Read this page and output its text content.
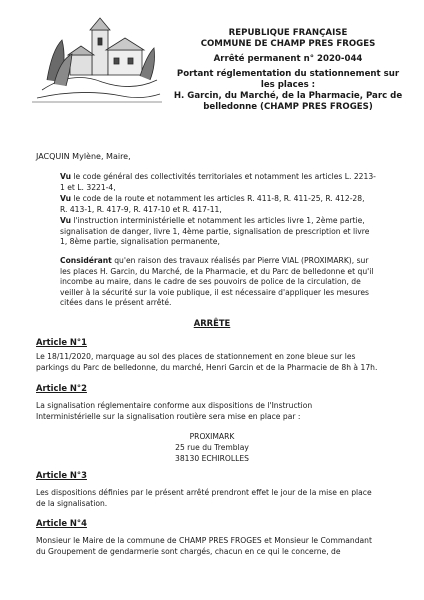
REPUBLIQUE FRANÇAISE
COMMUNE DE CHAMP PRES FROGES
Arrêté permanent n° 2020-044
Portant réglementation du stationnement sur
les places :
H. Garcin, du Marché, de la Pharmacie, Parc de
belledonne (CHAMP PRES FROGES)
JACQUIN Mylène, Maire,
Vu le code général des collectivités territoriales et notamment les articles L. 2213-
1 et L. 3221-4,
Vu le code de la route et notamment les articles R. 411-8, R. 411-25, R. 412-28,
R. 413-1, R. 417-9, R. 417-10 et R. 417-11,
Vu l'instruction interministérielle et notamment les articles livre 1, 2ème partie,
signalisation de danger, livre 1, 4ème partie, signalisation de prescription et livre
1, 8ème partie, signalisation permanente,
Considérant qu'en raison des travaux réalisés par Pierre VIAL (PROXIMARK), sur
les places H. Garcin, du Marché, de la Pharmacie, et du Parc de belledonne et qu'il
incombe au maire, dans le cadre de ses pouvoirs de police de la circulation, de
veiller à la sécurité sur la voie publique, il est nécessaire d'appliquer les mesures
citées dans le présent arrêté.
ARRÊTE
Article N°1
Le 18/11/2020, marquage au sol des places de stationnement en zone bleue sur les
parkings du Parc de belledonne, du marché, Henri Garcin et de la Pharmacie de 8h à 17h.
Article N°2
La signalisation réglementaire conforme aux dispositions de l'Instruction
Interministérielle sur la signalisation routière sera mise en place par :
PROXIMARK
25 rue du Tremblay
38130 ECHIROLLES
Article N°3
Les dispositions définies par le présent arrêté prendront effet le jour de la mise en place
de la signalisation.
Article N°4
Monsieur le Maire de la commune de CHAMP PRES FROGES et Monsieur le Commandant
du Groupement de gendarmerie sont chargés, chacun en ce qui le concerne, de
